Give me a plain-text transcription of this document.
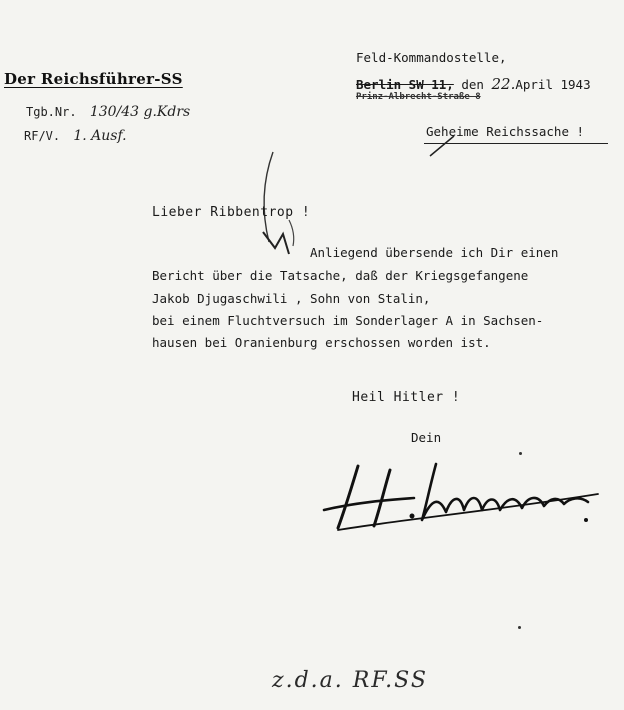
Der Reichsführer-SS
Tgb.Nr. 130/43 g.Kdrs
RF/V. 1. Ausf.
Feld-Kommandostelle,
Berlin SW 11, den 22.April 1943
Prinz-Albrecht-Straße 8
Geheime Reichssache !
Lieber Ribbentrop !
Anliegend übersende ich Dir einen
Bericht über die Tatsache, daß der Kriegsgefangene
Jakob Djugaschwili , Sohn von Stalin,
bei einem Fluchtversuch im Sonderlager A in Sachsen-
hausen bei Oranienburg erschossen worden ist.
Heil Hitler !
Dein
z.d.a. RF.SS
